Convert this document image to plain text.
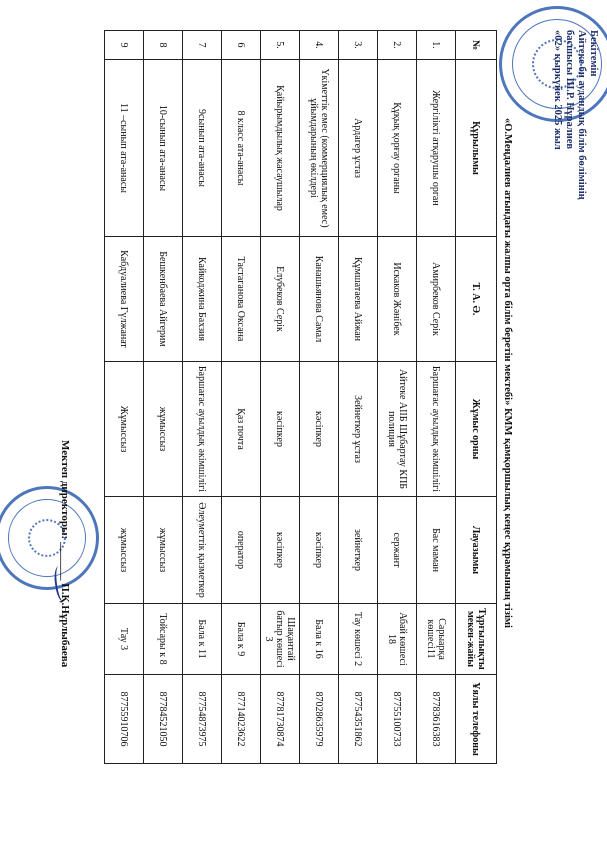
Бекітемін
Айтеке би аудандық білім бөлімінің
басшысы Ш.Р. Нұралиев
«02» қыркүйек 2025 жыл
«О.Меңдалиев атындағы жалпы орта білім беретін мектебі» КММ қамқоршылық кеңес құрамының тізімі
№	Құрылымы	Т. А. Ә.	Жұмыс орны	Лауазымы	Тұрғылықты мекен-жайы	Ұялы телефоны
1.	Жергілікті атқарушы орган	Амирбеков Серік	Баршағас ауылдық әкімшілігі	Бас маман	Сарыарқа көшесі11	87783616383
2.	Құқық қорғау органы	Искаков Жәнібек	Айтеке АІІБ Шұбартау КПБ полиция	сержант	Абай көшесі 18	87755100733
3.	Ардагер ұстаз	Құмшатаева Айжан	Зейнеткер ұстаз	зейнеткер	Тау көшесі 2	87754351862
4.	Үкіметтік емес (коммерциялық емес) ұйымдарының өкілдері	Канашьянова Самал	кәсіпкер	кәсіпкер	Бала к 16	87028635979
5.	Қайырымдылық жасаушылар	Елубеков Серік	кәсіпкер	кәсіпкер	Шақантай батыр көшесі 3	87781730874
6	8 класс ата-анасы	Тастаганова Оксана	Қаз почта	оператор	Бала к 9	87714023622
7	9сынып ата-анасы	Кайкоджина Бахзия	Баршағас ауылдық әкімшілігі	Әлеуметтік қызметкер	Бала к 11	87754873975
8	10-сынып ата-анасы	Бешкенбаева Айгерим	жұмыссыз	жұмыссыз	Тойсары к 8	87784521050
9	11 –сынып ата-анасы	Кабдуалиева Гүлжанат	Жұмыссыз	жұмыссыз	Тау 3	87755910706
Мектеп директоры: _______ П.Қ.Нұрлыбаева
